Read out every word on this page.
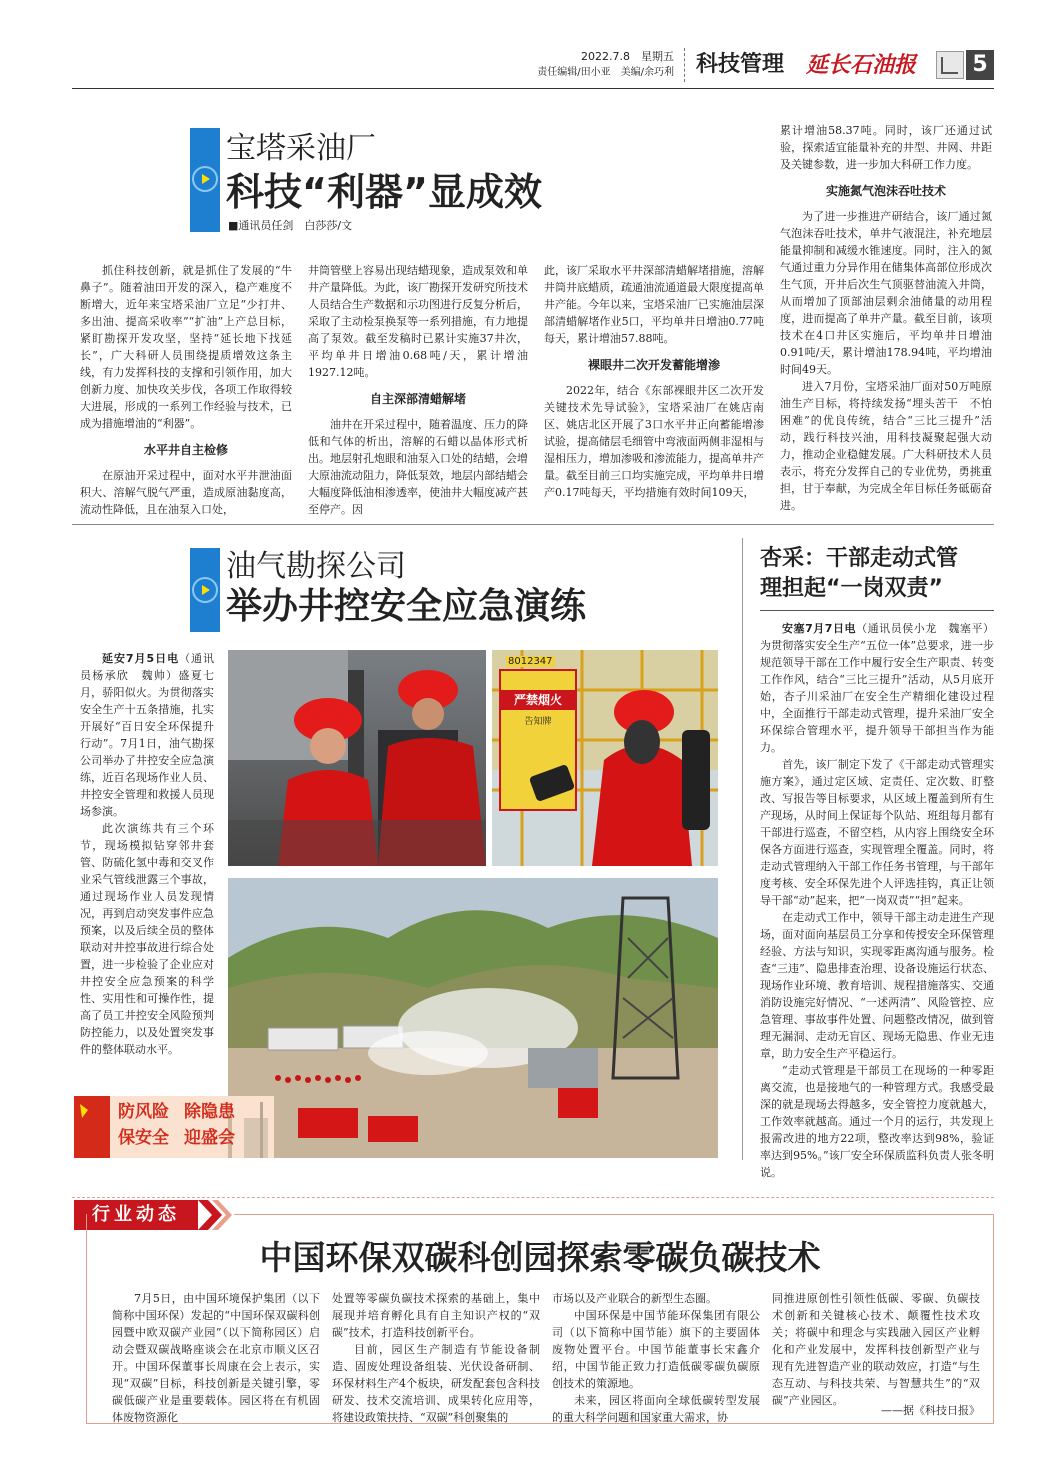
2022.7.8　 星期五
责任编辑/田小亚　美编/余巧利 科技管理 延长石油报	5
宝塔采油厂
科技“利器”显成效
■通讯员任剑　白莎莎/文
累计增油58.37吨。同时，该厂还通过试验，探索适宜能量补充的井型、井网、井距及关键参数，进一步加大科研工作力度。
实施氮气泡沫吞吐技术

为了进一步推进产研结合，该厂通过氮气泡沫吞吐技术，单井气液混注，补充地层能量抑制和减缓水锥速度。同时，注入的氮气通过重力分异作用在储集体高部位形成次生气顶，开井后次生气顶驱替油流入井筒，从而增加了顶部油层剩余油储量的动用程度，进而提高了单井产量。截至目前，该项技术在4口井区实施后，平均单井日增油0.91吨/天，累计增油178.94吨，平均增油时间49天。

进入7月份，宝塔采油厂面对50万吨原油生产目标，将持续发扬“埋头苦干　不怕困难”的优良传统，结合“三比三提升”活动，践行科技兴油，用科技凝聚起强大动力，推动企业稳健发展。广大科研技术人员表示，将充分发挥自己的专业优势，勇挑重担，甘于奉献，为完成全年目标任务砥砺奋进。

抓住科技创新，就是抓住了发展的“牛鼻子”。随着油田开发的深入，稳产难度不断增大，近年来宝塔采油厂立足“少打井、多出油、提高采收率”“扩油”上产总目标，紧盯勘探开发攻坚，坚持“延长地下找延长”，广大科研人员围绕提质增效这条主线，有力发挥科技的支撑和引领作用，加大创新力度、加快攻关步伐，各项工作取得较大进展，形成的一系列工作经验与技术，已成为措施增油的“利器”。

水平井自主检修

在原油开采过程中，面对水平井泄油面积大、溶解气脱气严重，造成原油黏度高，流动性降低，且在油泵入口处，

井筒管壁上容易出现结蜡现象，造成泵效和单井产量降低。为此，该厂勘探开发研究所技术人员结合生产数据和示功图进行反复分析后，采取了主动检泵换泵等一系列措施，有力地提高了泵效。截至发稿时已累计实施37井次，平均单井日增油0.68吨/天，累计增油1927.12吨。
自主深部清蜡解堵

油井在开采过程中，随着温度、压力的降低和气体的析出，溶解的石蜡以晶体形式析出。地层射孔炮眼和油泵入口处的结蜡，会增大原油流动阻力，降低泵效，地层内部结蜡会大幅度降低油相渗透率，使油井大幅度减产甚至停产。因

此，该厂采取水平井深部清蜡解堵措施，溶解井筒井底蜡质，疏通油流通道最大限度提高单井产能。今年以来，宝塔采油厂已实施油层深部清蜡解堵作业5口，平均单井日增油0.77吨每天，累计增油57.88吨。
裸眼井二次开发蓄能增渗

2022年，结合《东部裸眼井区二次开发关键技术先导试验》，宝塔采油厂在姚店南区、姚店北区开展了3口水平井正向蓄能增渗试验，提高储层毛细管中弯液面两侧非湿相与湿相压力，增加渗吸和渗流能力，提高单井产量。截至目前三口均实施完成，平均单井日增产0.17吨每天，平均措施有效时间109天，

油气勘探公司
举办井控安全应急演练
延安7月5日电（通讯员杨承欣　魏帅）盛夏七月，骄阳似火。为贯彻落实安全生产十五条措施，扎实开展好“百日安全环保提升行动”。7月1日，油气勘探公司举办了井控安全应急演练，近百名现场作业人员、井控安全管理和救援人员现场参演。

此次演练共有三个环节，现场模拟钻穿邻井套管、防硫化氢中毒和交叉作业采气管线泄露三个事故，通过现场作业人员发现情况，再到启动突发事件应急预案，以及后续全员的整体联动对井控事故进行综合处置，进一步检验了企业应对井控安全应急预案的科学性、实用性和可操作性，提高了员工井控安全风险预判防控能力，以及处置突发事件的整体联动水平。

8012347
严禁烟火
告知牌
防风险 除隐患
保安全 迎盛会
杏采：干部走动式管
理担起“一岗双责”
安塞7月7日电（通讯员侯小龙　魏塞平）为贯彻落实安全生产“五位一体”总要求，进一步规范领导干部在工作中履行安全生产职责、转变工作作风，结合“三比三提升”活动，从5月底开始，杏子川采油厂在安全生产精细化建设过程中，全面推行干部走动式管理，提升采油厂安全环保综合管理水平，提升领导干部担当作为能力。

首先，该厂制定下发了《干部走动式管理实施方案》，通过定区域、定责任、定次数、盯整改、写报告等目标要求，从区域上覆盖到所有生产现场，从时间上保证每个队站、班组每月都有干部进行巡查，不留空档，从内容上围绕安全环保各方面进行巡查，实现管理全覆盖。同时，将走动式管理纳入干部工作任务书管理，与干部年度考核、安全环保先进个人评选挂钩，真正让领导干部“动”起来，把“一岗双责”“担”起来。

在走动式工作中，领导干部主动走进生产现场，面对面向基层员工分享和传授安全环保管理经验、方法与知识，实现零距离沟通与服务。检查“三违”、隐患排查治理、设备设施运行状态、现场作业环境、教育培训、规程措施落实、交通消防设施完好情况、“一述两清”、风险管控、应急管理、事故事件处置、问题整改情况，做到管理无漏洞、走动无盲区、现场无隐患、作业无违章，助力安全生产平稳运行。

“走动式管理是干部员工在现场的一种零距离交流，也是接地气的一种管理方式。我感受最深的就是现场去得越多，安全管控力度就越大，工作效率就越高。通过一个月的运行，共发现上报需改进的地方22项，整改率达到98%，验证率达到95%。”该厂安全环保质监科负责人张冬明说。

行业动态
中国环保双碳科创园探索零碳负碳技术

7月5日，由中国环境保护集团（以下简称中国环保）发起的“中国环保双碳科创园暨中欧双碳产业园”（以下简称园区）启动会暨双碳战略座谈会在北京市顺义区召开。中国环保董事长周康在会上表示，实现“双碳”目标，科技创新是关键引擎，零碳低碳产业是重要载体。园区将在有机固体废物资源化

处置等零碳负碳技术探索的基础上，集中展现并培育孵化具有自主知识产权的“双碳”技术，打造科技创新平台。

目前，园区生产制造有节能设备制造、固废处理设备组装、光伏设备研制、环保材料生产4个板块，研发配套包含科技研发、技术交流培训、成果转化应用等，将建设政策扶持、“双碳”科创聚集的

市场以及产业联合的新型生态圈。

中国环保是中国节能环保集团有限公司（以下简称中国节能）旗下的主要固体废物处置平台。中国节能董事长宋鑫介绍，中国节能正致力打造低碳零碳负碳原创技术的策源地。

未来，园区将面向全球低碳转型发展的重大科学问题和国家重大需求，协

同推进原创性引领性低碳、零碳、负碳技术创新和关键核心技术、颠覆性技术攻关；将碳中和理念与实践融入园区产业孵化和产业发展中，发挥科技创新型产业与现有先进智造产业的联动效应，打造“与生态互动、与科技共荣、与智慧共生”的“双碳”产业园区。
——据《科技日报》
